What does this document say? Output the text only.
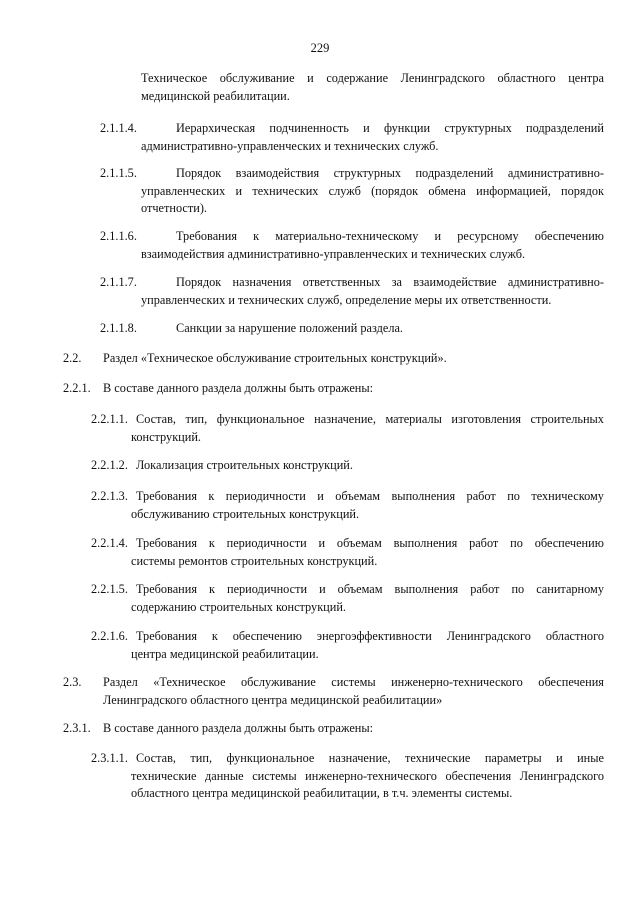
229
Техническое обслуживание и содержание Ленинградского областного центра
медицинской реабилитации.
2.1.1.4.	Иерархическая подчиненность и функции структурных подразделений
административно-управленческих и технических служб.
2.1.1.5.	Порядок взаимодействия структурных подразделений административно-
управленческих и технических служб (порядок обмена информацией, порядок
отчетности).
2.1.1.6.	Требования к материально-техническому и ресурсному обеспечению
взаимодействия административно-управленческих и технических служб.
2.1.1.7.	Порядок назначения ответственных за взаимодействие административно-
управленческих и технических служб, определение меры их ответственности.
2.1.1.8.	Санкции за нарушение положений раздела.
2.2. Раздел «Техническое обслуживание строительных конструкций».
2.2.1. В составе данного раздела должны быть отражены:
2.2.1.1. Состав, тип, функциональное назначение, материалы изготовления строительных
конструкций.
2.2.1.2. Локализация строительных конструкций.
2.2.1.3. Требования к периодичности и объемам выполнения работ по техническому
обслуживанию строительных конструкций.
2.2.1.4. Требования к периодичности и объемам выполнения работ по обеспечению
системы ремонтов строительных конструкций.
2.2.1.5. Требования к периодичности и объемам выполнения работ по санитарному
содержанию строительных конструкций.
2.2.1.6. Требования к обеспечению энергоэффективности Ленинградского областного
центра медицинской реабилитации.
2.3. Раздел «Техническое обслуживание системы инженерно-технического обеспечения
Ленинградского областного центра медицинской реабилитации»
2.3.1. В составе данного раздела должны быть отражены:
2.3.1.1. Состав, тип, функциональное назначение, технические параметры и иные
технические данные системы инженерно-технического обеспечения Ленинградского
областного центра медицинской реабилитации, в т.ч. элементы системы.
